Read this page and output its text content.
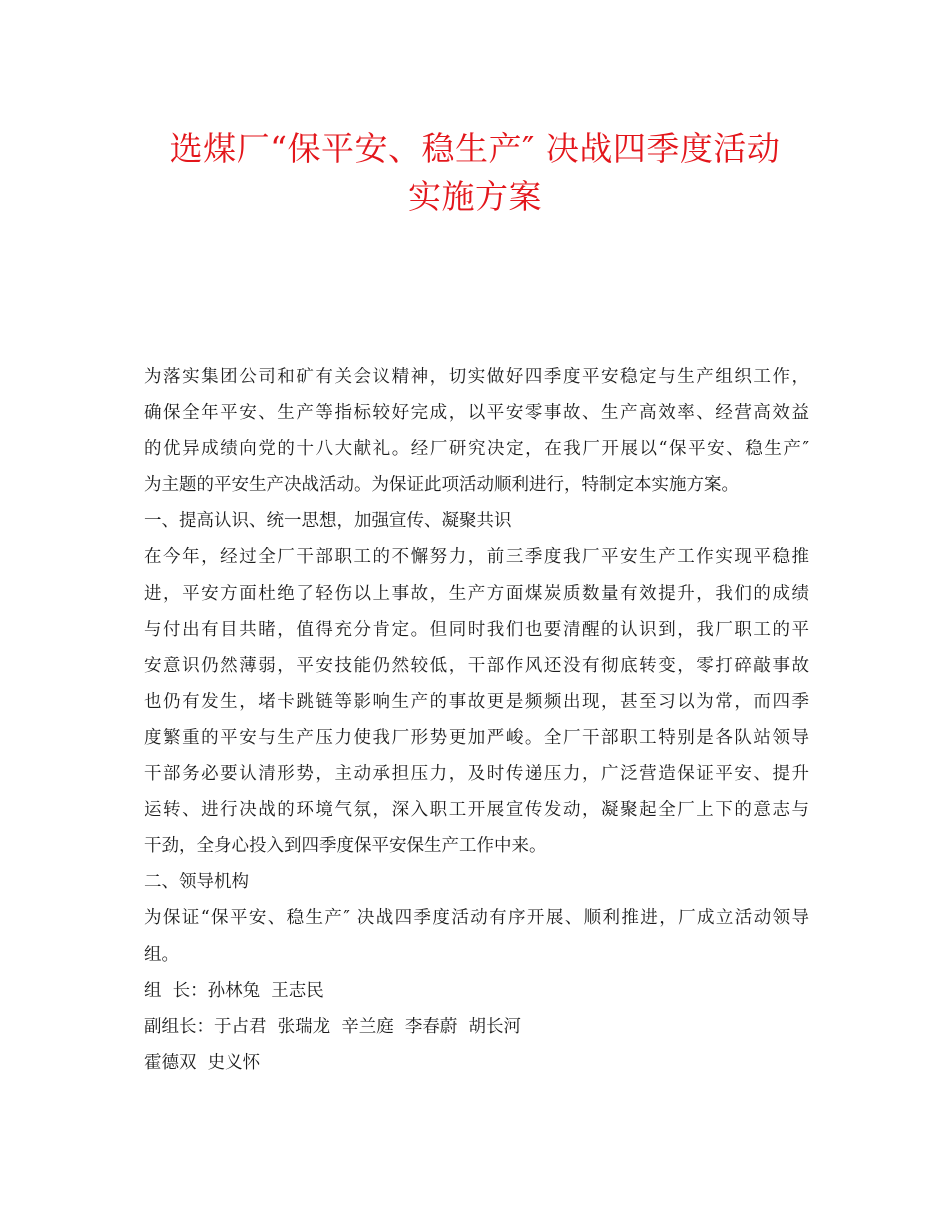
选煤厂“保平安、稳生产″ 决战四季度活动
实施方案
为落实集团公司和矿有关会议精神，切实做好四季度平安稳定与生产组织工作，
确保全年平安、生产等指标较好完成，以平安零事故、生产高效率、经营高效益
的优异成绩向党的十八大献礼。经厂研究决定，在我厂开展以“保平安、稳生产″
为主题的平安生产决战活动。为保证此项活动顺利进行，特制定本实施方案。
一、提高认识、统一思想，加强宣传、凝聚共识
在今年，经过全厂干部职工的不懈努力，前三季度我厂平安生产工作实现平稳推
进，平安方面杜绝了轻伤以上事故，生产方面煤炭质数量有效提升，我们的成绩
与付出有目共睹，值得充分肯定。但同时我们也要清醒的认识到，我厂职工的平
安意识仍然薄弱，平安技能仍然较低，干部作风还没有彻底转变，零打碎敲事故
也仍有发生，堵卡跳链等影响生产的事故更是频频出现，甚至习以为常，而四季
度繁重的平安与生产压力使我厂形势更加严峻。全厂干部职工特别是各队站领导
干部务必要认清形势，主动承担压力，及时传递压力，广泛营造保证平安、提升
运转、进行决战的环境气氛，深入职工开展宣传发动，凝聚起全厂上下的意志与
干劲，全身心投入到四季度保平安保生产工作中来。
二、领导机构
为保证“保平安、稳生产″ 决战四季度活动有序开展、顺利推进，厂成立活动领导
组。
组  长：孙林兔  王志民
副组长：于占君  张瑞龙  辛兰庭  李春蔚  胡长河
霍德双  史义怀
